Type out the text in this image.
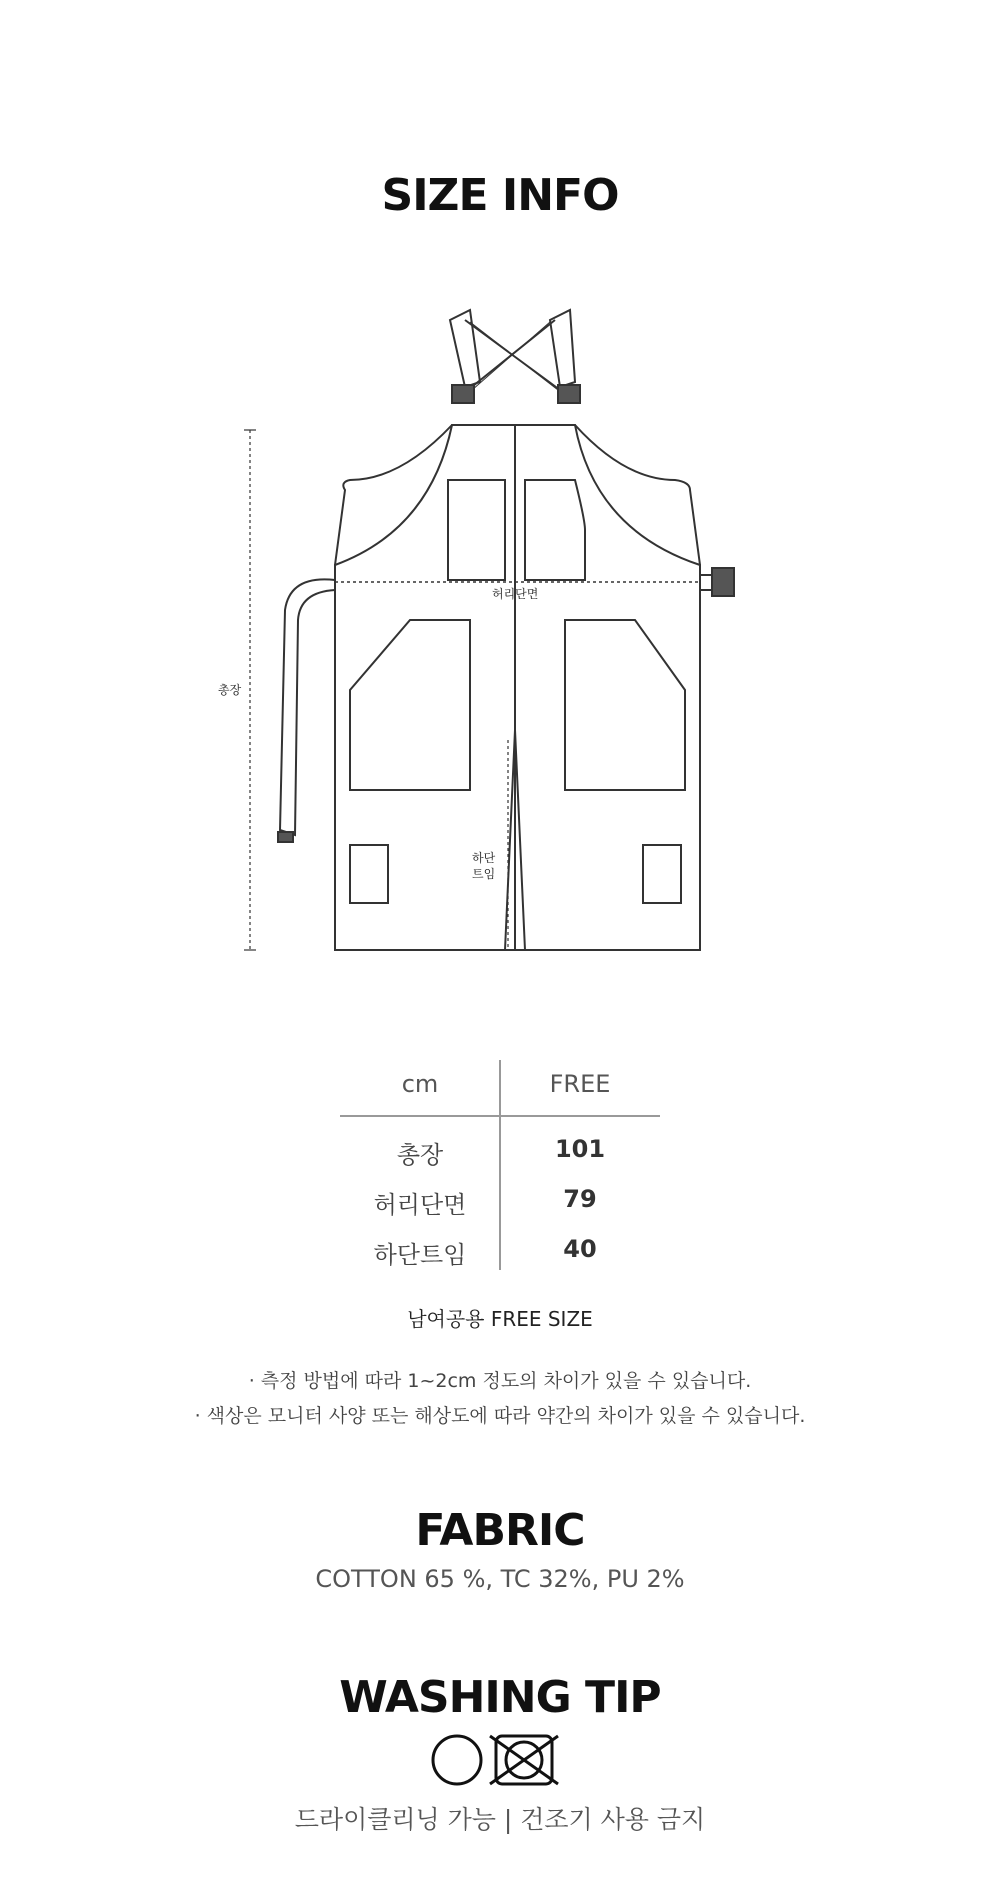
SIZE INFO
총장
허리단면
하단
트임
cm	FREE
총장	101
허리단면	79
하단트임	40
남여공용 FREE SIZE
· 측정 방법에 따라 1~2cm 정도의 차이가 있을 수 있습니다.
· 색상은 모니터 사양 또는 해상도에 따라 약간의 차이가 있을 수 있습니다.
FABRIC
COTTON 65 %, TC 32%, PU 2%
WASHING TIP
드라이클리닝 가능 | 건조기 사용 금지
